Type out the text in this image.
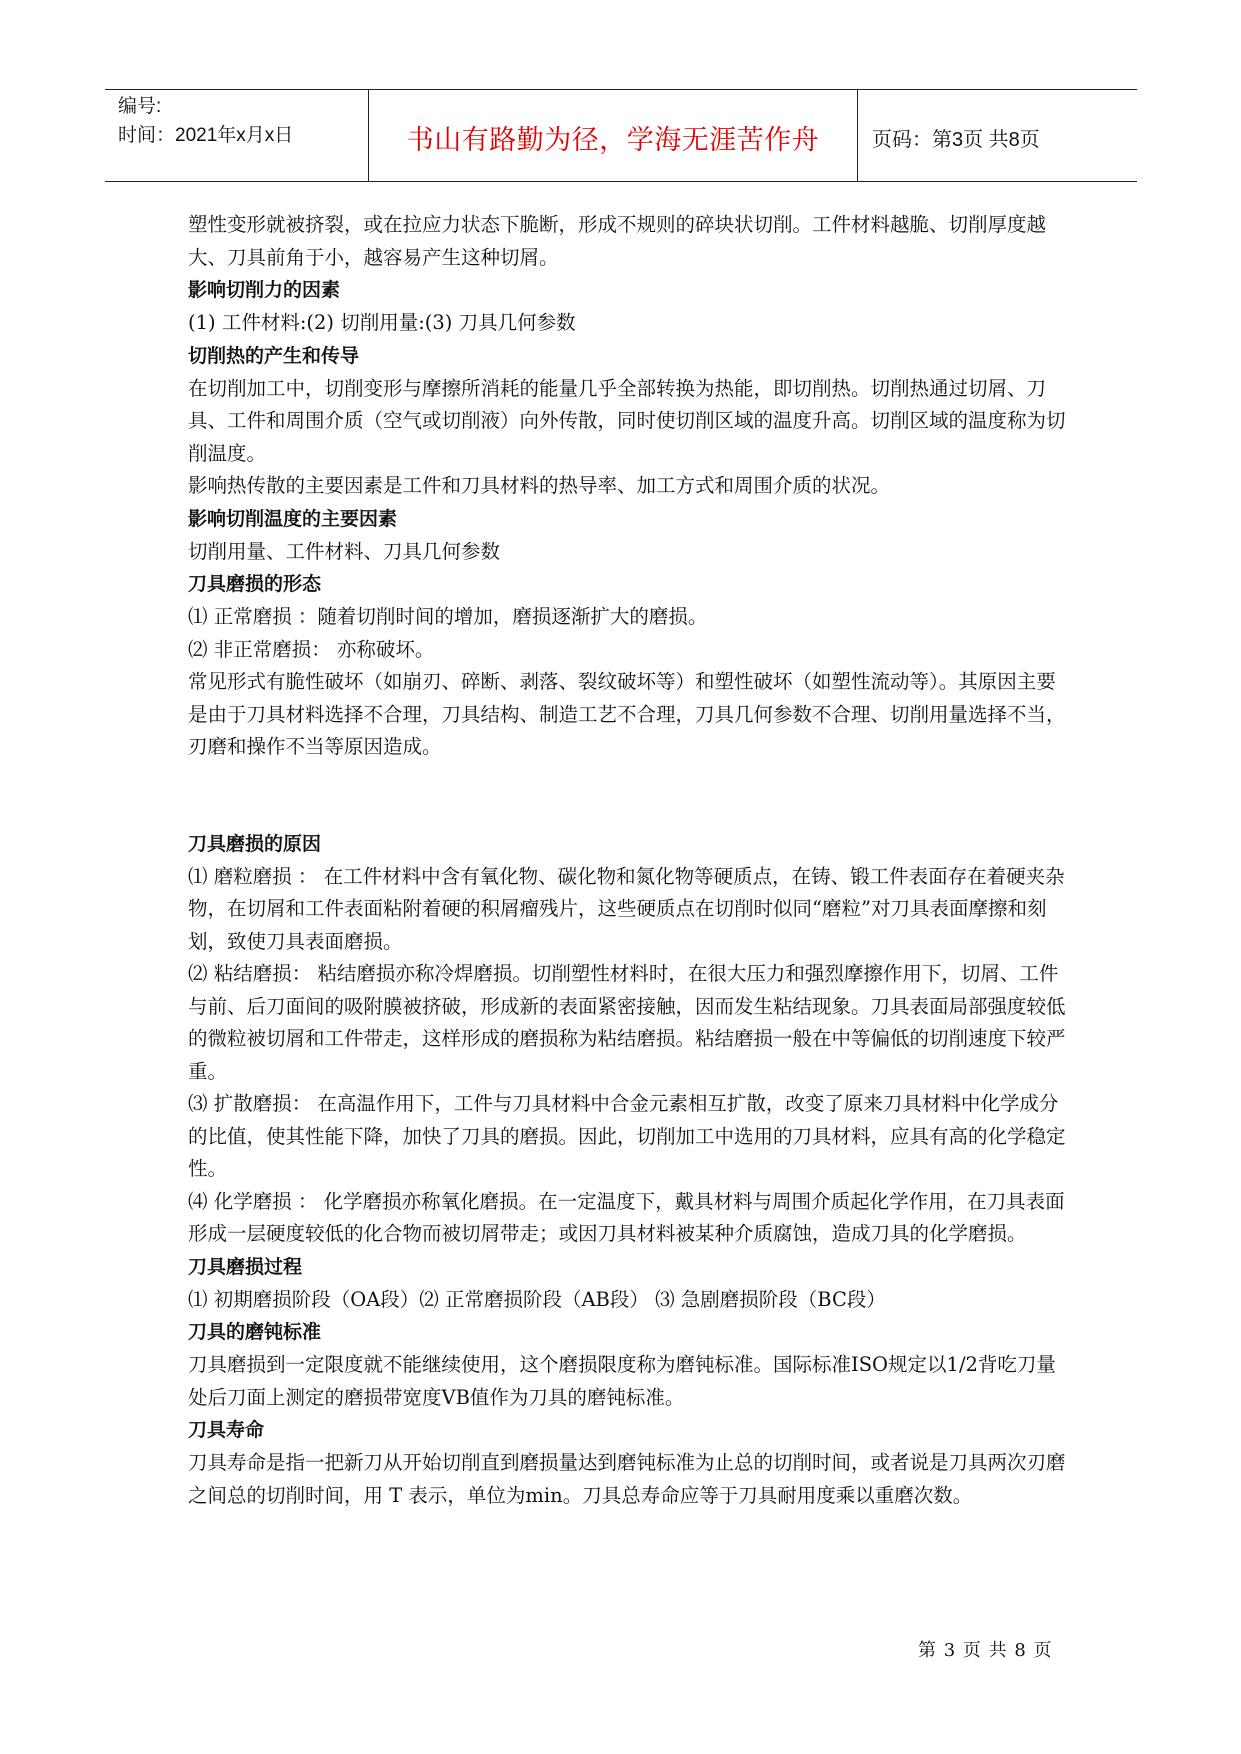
编号:
时间：2021年x月x日	书山有路勤为径，学海无涯苦作舟	页码：第3页 共8页

塑性变形就被挤裂，或在拉应力状态下脆断，形成不规则的碎块状切削。工件材料越脆、切削厚度越大、刀具前角于小，越容易产生这种切屑。

影响切削力的因素

(1) 工件材料:(2) 切削用量:(3) 刀具几何参数

切削热的产生和传导

在切削加工中，切削变形与摩擦所消耗的能量几乎全部转换为热能，即切削热。切削热通过切屑、刀具、工件和周围介质（空气或切削液）向外传散，同时使切削区域的温度升高。切削区域的温度称为切削温度。

影响热传散的主要因素是工件和刀具材料的热导率、加工方式和周围介质的状况。

影响切削温度的主要因素

切削用量、工件材料、刀具几何参数

刀具磨损的形态

⑴ 正常磨损 ：随着切削时间的增加，磨损逐渐扩大的磨损。

⑵ 非正常磨损： 亦称破坏。

常见形式有脆性破坏（如崩刃、碎断、剥落、裂纹破坏等）和塑性破坏（如塑性流动等）。其原因主要是由于刀具材料选择不合理，刀具结构、制造工艺不合理，刀具几何参数不合理、切削用量选择不当，刃磨和操作不当等原因造成。

刀具磨损的原因

⑴ 磨粒磨损 ： 在工件材料中含有氧化物、碳化物和氮化物等硬质点，在铸、锻工件表面存在着硬夹杂物，在切屑和工件表面粘附着硬的积屑瘤残片，这些硬质点在切削时似同“磨粒”对刀具表面摩擦和刻划，致使刀具表面磨损。

⑵ 粘结磨损： 粘结磨损亦称冷焊磨损。切削塑性材料时，在很大压力和强烈摩擦作用下，切屑、工件与前、后刀面间的吸附膜被挤破，形成新的表面紧密接触，因而发生粘结现象。刀具表面局部强度较低的微粒被切屑和工件带走，这样形成的磨损称为粘结磨损。粘结磨损一般在中等偏低的切削速度下较严重。

⑶ 扩散磨损： 在高温作用下，工件与刀具材料中合金元素相互扩散，改变了原来刀具材料中化学成分的比值，使其性能下降，加快了刀具的磨损。因此，切削加工中选用的刀具材料，应具有高的化学稳定性。

⑷ 化学磨损 ： 化学磨损亦称氧化磨损。在一定温度下，戴具材料与周围介质起化学作用，在刀具表面形成一层硬度较低的化合物而被切屑带走；或因刀具材料被某种介质腐蚀，造成刀具的化学磨损。

刀具磨损过程

⑴ 初期磨损阶段（OA段）⑵ 正常磨损阶段（AB段） ⑶ 急剧磨损阶段（BC段）

刀具的磨钝标准

刀具磨损到一定限度就不能继续使用，这个磨损限度称为磨钝标准。国际标准ISO规定以1/2背吃刀量处后刀面上测定的磨损带宽度VB值作为刀具的磨钝标准。

刀具寿命

刀具寿命是指一把新刀从开始切削直到磨损量达到磨钝标准为止总的切削时间，或者说是刀具两次刃磨之间总的切削时间，用 T 表示，单位为min。刀具总寿命应等于刀具耐用度乘以重磨次数。

第 3 页 共 8 页
